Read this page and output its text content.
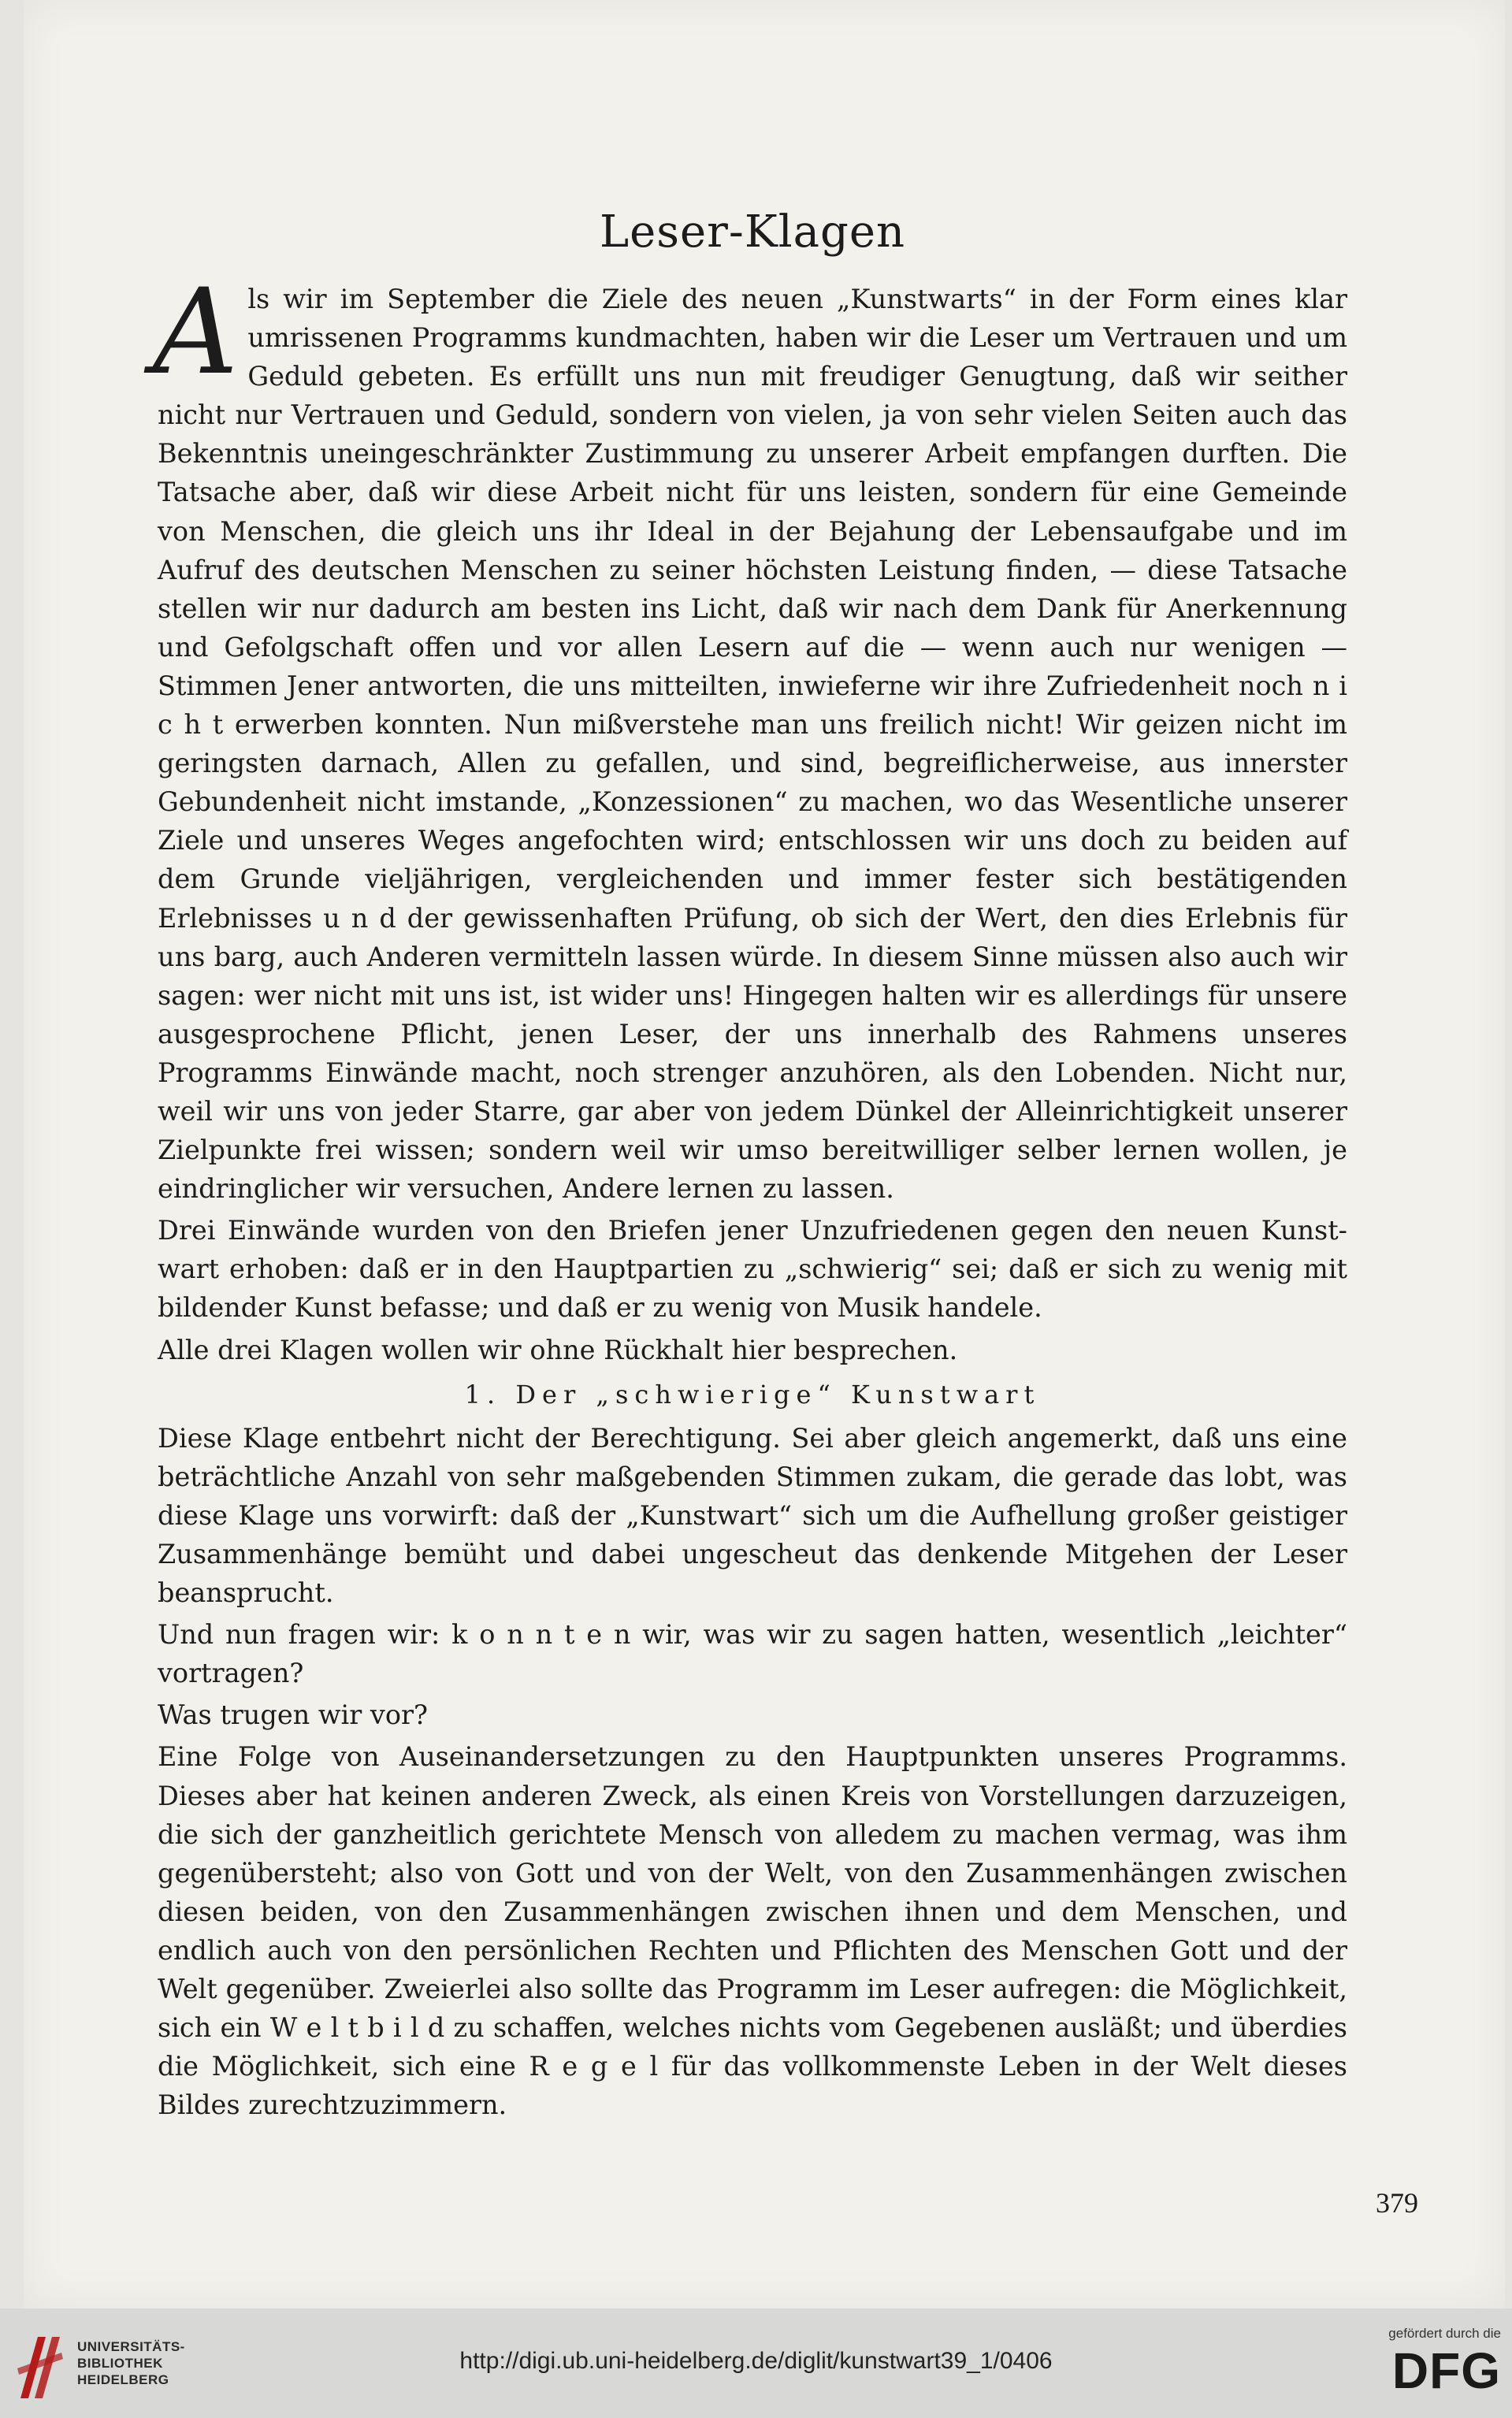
Leser-Klagen

Als wir im September die Ziele des neuen „Kunstwarts“ in der Form eines klar umrissenen Programms kundmachten, haben wir die Leser um Vertrauen und um Geduld gebeten. Es erfüllt uns nun mit freudiger Genugtung, daß wir seither nicht nur Vertrauen und Geduld, sondern von vielen, ja von sehr vielen Seiten auch das Bekenntnis uneingeschränkter Zustimmung zu unserer Arbeit empfangen durften. Die Tatsache aber, daß wir diese Arbeit nicht für uns leisten, sondern für eine Gemeinde von Menschen, die gleich uns ihr Ideal in der Bejahung der Lebensaufgabe und im Aufruf des deutschen Menschen zu seiner höchsten Leistung finden, — diese Tatsache stellen wir nur dadurch am besten ins Licht, daß wir nach dem Dank für Anerkennung und Gefolgschaft offen und vor allen Lesern auf die — wenn auch nur wenigen — Stimmen Jener antworten, die uns mitteilten, inwieferne wir ihre Zufriedenheit noch n i c h t erwerben konnten. Nun mißverstehe man uns freilich nicht! Wir geizen nicht im geringsten darnach, Allen zu gefallen, und sind, begreiflicherweise, aus innerster Gebundenheit nicht imstande, „Konzessionen“ zu machen, wo das Wesentliche unserer Ziele und unseres Weges angefochten wird; entschlossen wir uns doch zu beiden auf dem Grunde vieljährigen, vergleichenden und immer fester sich bestätigenden Erlebnisses u n d der gewissenhaften Prüfung, ob sich der Wert, den dies Erlebnis für uns barg, auch Anderen vermitteln lassen würde. In diesem Sinne müssen also auch wir sagen: wer nicht mit uns ist, ist wider uns! Hingegen halten wir es allerdings für unsere ausgesprochene Pflicht, jenen Leser, der uns innerhalb des Rahmens unseres Programms Einwände macht, noch strenger anzuhören, als den Lobenden. Nicht nur, weil wir uns von jeder Starre, gar aber von jedem Dünkel der Alleinrichtigkeit unserer Zielpunkte frei wissen; sondern weil wir umso bereitwilliger selber lernen wollen, je eindringlicher wir versuchen, Andere lernen zu lassen.

Drei Einwände wurden von den Briefen jener Unzufriedenen gegen den neuen Kunstwart erhoben: daß er in den Hauptpartien zu „schwierig“ sei; daß er sich zu wenig mit bildender Kunst befasse; und daß er zu wenig von Musik handele.

Alle drei Klagen wollen wir ohne Rückhalt hier besprechen.

1. Der „schwierige“ Kunstwart

Diese Klage entbehrt nicht der Berechtigung. Sei aber gleich angemerkt, daß uns eine beträchtliche Anzahl von sehr maßgebenden Stimmen zukam, die gerade das lobt, was diese Klage uns vorwirft: daß der „Kunstwart“ sich um die Aufhellung großer geistiger Zusammenhänge bemüht und dabei ungescheut das denkende Mitgehen der Leser beansprucht.

Und nun fragen wir: k o n n t e n wir, was wir zu sagen hatten, wesentlich „leichter“ vortragen?

Was trugen wir vor?

Eine Folge von Auseinandersetzungen zu den Hauptpunkten unseres Programms. Dieses aber hat keinen anderen Zweck, als einen Kreis von Vorstellungen darzuzeigen, die sich der ganzheitlich gerichtete Mensch von alledem zu machen vermag, was ihm gegenübersteht; also von Gott und von der Welt, von den Zusammenhängen zwischen diesen beiden, von den Zusammenhängen zwischen ihnen und dem Menschen, und endlich auch von den persönlichen Rechten und Pflichten des Menschen Gott und der Welt gegenüber. Zweierlei also sollte das Programm im Leser aufregen: die Möglichkeit, sich ein W e l t b i l d zu schaffen, welches nichts vom Gegebenen ausläßt; und überdies die Möglichkeit, sich eine R e g e l für das vollkommenste Leben in der Welt dieses Bildes zurechtzuzimmern.

379
UNIVERSITÄTS-
BIBLIOTHEK
HEIDELBERG
http://digi.ub.uni-heidelberg.de/diglit/kunstwart39_1/0406
gefördert durch die
DFG
